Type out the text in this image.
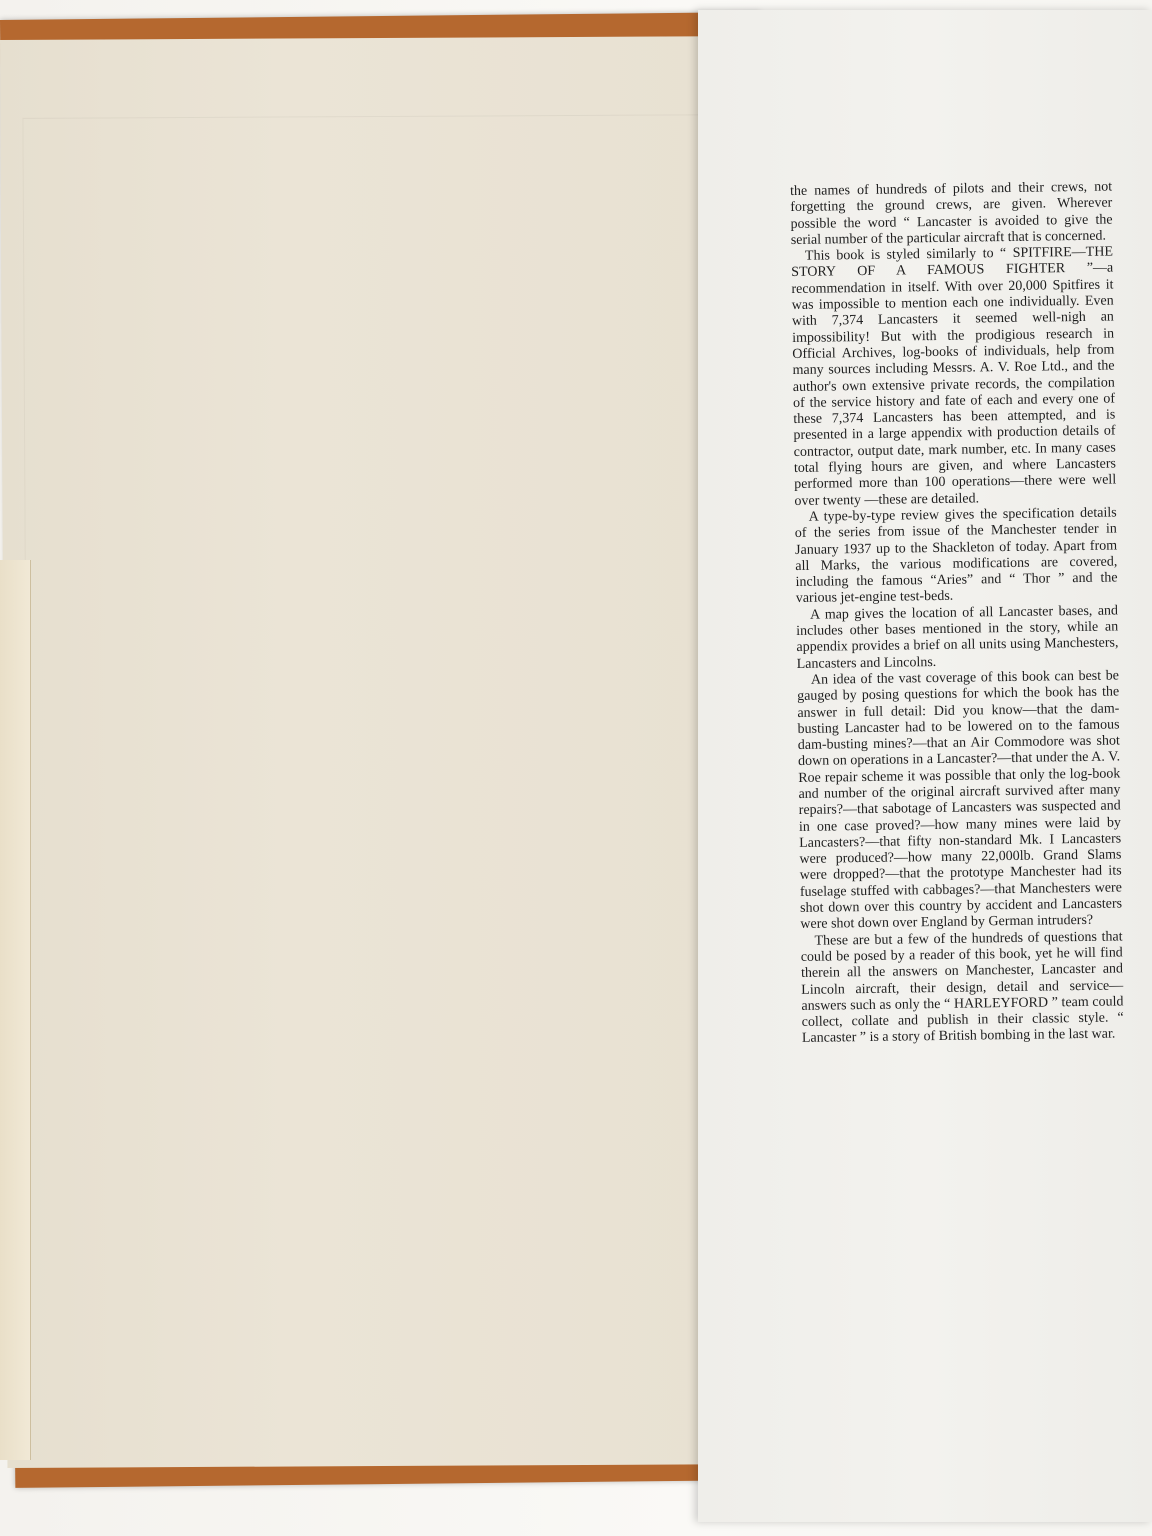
the names of hundreds of pilots and their crews, not forgetting the ground crews, are given. Wherever possible the word “ Lancaster is avoided to give the serial number of the particular aircraft that is concerned.

This book is styled similarly to “ SPITFIRE—THE STORY OF A FAMOUS FIGHTER ”—a recommendation in itself. With over 20,000 Spitfires it was impossible to mention each one individually. Even with 7,374 Lancasters it seemed well-nigh an impossibility! But with the prodigious research in Official Archives, log-books of individuals, help from many sources including Messrs. A. V. Roe Ltd., and the author's own extensive private records, the compilation of the service history and fate of each and every one of these 7,374 Lancasters has been attempted, and is presented in a large appendix with production details of contractor, output date, mark number, etc. In many cases total flying hours are given, and where Lancasters performed more than 100 operations—there were well over twenty —these are detailed.

A type-by-type review gives the specification details of the series from issue of the Manchester tender in January 1937 up to the Shackleton of today. Apart from all Marks, the various modifications are covered, including the famous “Aries” and “ Thor ” and the various jet-engine test-beds.

A map gives the location of all Lancaster bases, and includes other bases mentioned in the story, while an appendix provides a brief on all units using Manchesters, Lancasters and Lincolns.

An idea of the vast coverage of this book can best be gauged by posing questions for which the book has the answer in full detail: Did you know—that the dam-busting Lancaster had to be lowered on to the famous dam-busting mines?—that an Air Commodore was shot down on operations in a Lancaster?—that under the A. V. Roe repair scheme it was possible that only the log-book and number of the original aircraft survived after many repairs?—that sabotage of Lancasters was suspected and in one case proved?—how many mines were laid by Lancasters?—that fifty non-standard Mk. I Lancasters were produced?—how many 22,000lb. Grand Slams were dropped?—that the prototype Manchester had its fuselage stuffed with cabbages?—that Manchesters were shot down over this country by accident and Lancasters were shot down over England by German intruders?

These are but a few of the hundreds of questions that could be posed by a reader of this book, yet he will find therein all the answers on Manchester, Lancaster and Lincoln aircraft, their design, detail and service—answers such as only the “ HARLEYFORD ” team could collect, collate and publish in their classic style. “ Lancaster ” is a story of British bombing in the last war.
